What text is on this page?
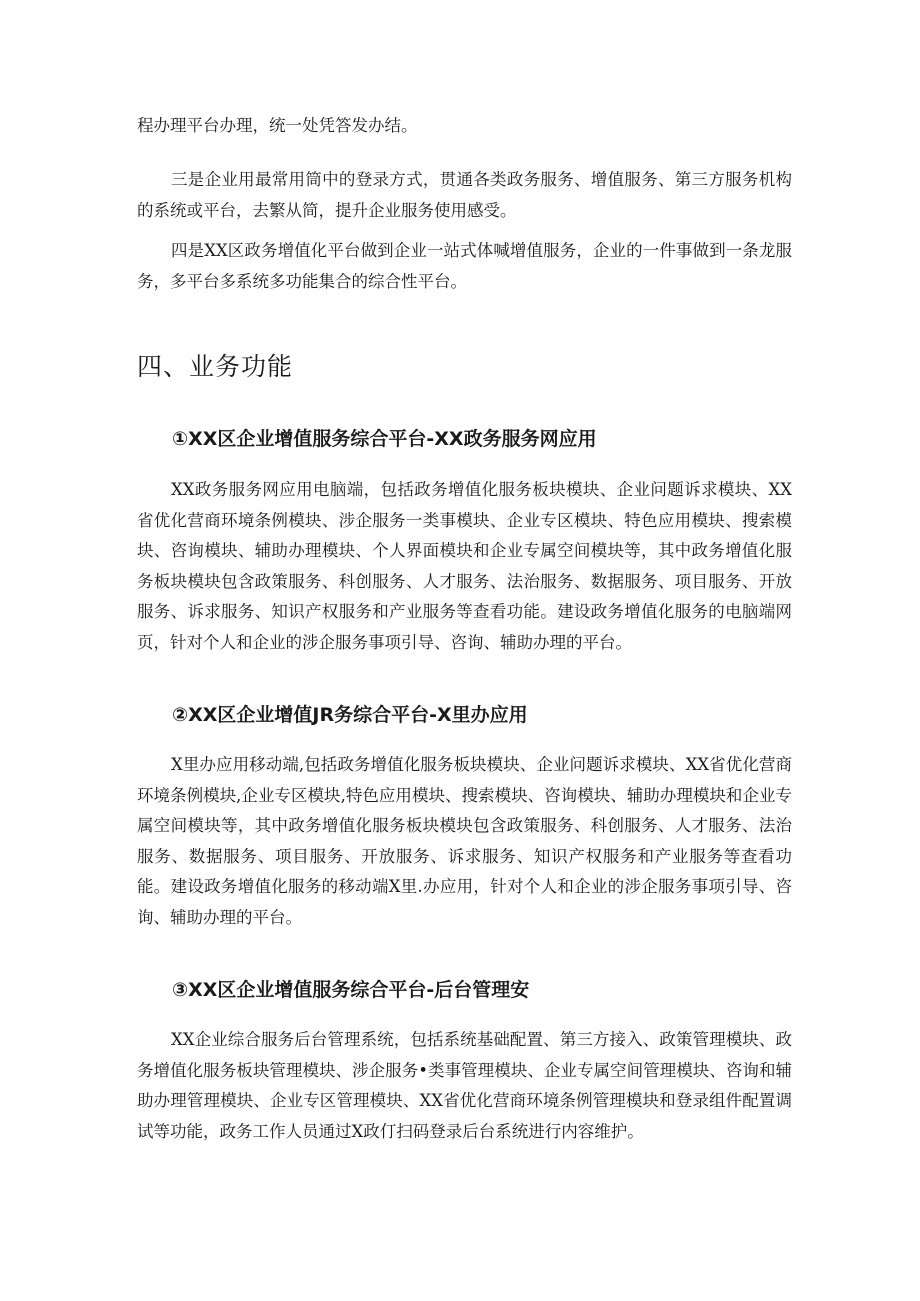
程办理平台办理，统一处凭答发办结。

三是企业用最常用筒中的登录方式，贯通各类政务服务、增值服务、第三方服务机构的系统或平台，去繁从简，提升企业服务使用感受。

四是XX区政务增值化平台做到企业一站式体喊增值服务，企业的一件事做到一条龙服务，多平台多系统多功能集合的综合性平台。

四、业务功能
①XX区企业增值服务综合平台-XX政务服务网应用

XX政务服务网应用电脑端，包括政务增值化服务板块模块、企业问题诉求模块、XX省优化营商环境条例模块、涉企服务一类事模块、企业专区模块、特色应用模块、搜索模块、咨询模块、辅助办理模块、个人界面模块和企业专属空间模块等，其中政务增值化服务板块模块包含政策服务、科创服务、人才服务、法治服务、数据服务、项目服务、开放服务、诉求服务、知识产权服务和产业服务等查看功能。建设政务增值化服务的电脑端网页，针对个人和企业的涉企服务事项引导、咨询、辅助办理的平台。

②XX区企业增值JR务综合平台-X里办应用

X里办应用移动端,包括政务增值化服务板块模块、企业问题诉求模块、XX省优化营商环境条例模块,企业专区模块,特色应用模块、搜索模块、咨询模块、辅助办理模块和企业专属空间模块等，其中政务增值化服务板块模块包含政策服务、科创服务、人才服务、法治服务、数据服务、项目服务、开放服务、诉求服务、知识产权服务和产业服务等查看功能。建设政务增值化服务的移动端X里.办应用，针对个人和企业的涉企服务事项引导、咨询、辅助办理的平台。

③XX区企业增值服务综合平台-后台管理安

XX企业综合服务后台管理系统，包括系统基础配置、第三方接入、政策管理模块、政务增值化服务板块管理模块、涉企服务•类事管理模块、企业专属空间管理模块、咨询和辅助办理管理模块、企业专区管理模块、XX省优化营商环境条例管理模块和登录组件配置调试等功能，政务工作人员通过X政仃扫码登录后台系统进行内容维护。
